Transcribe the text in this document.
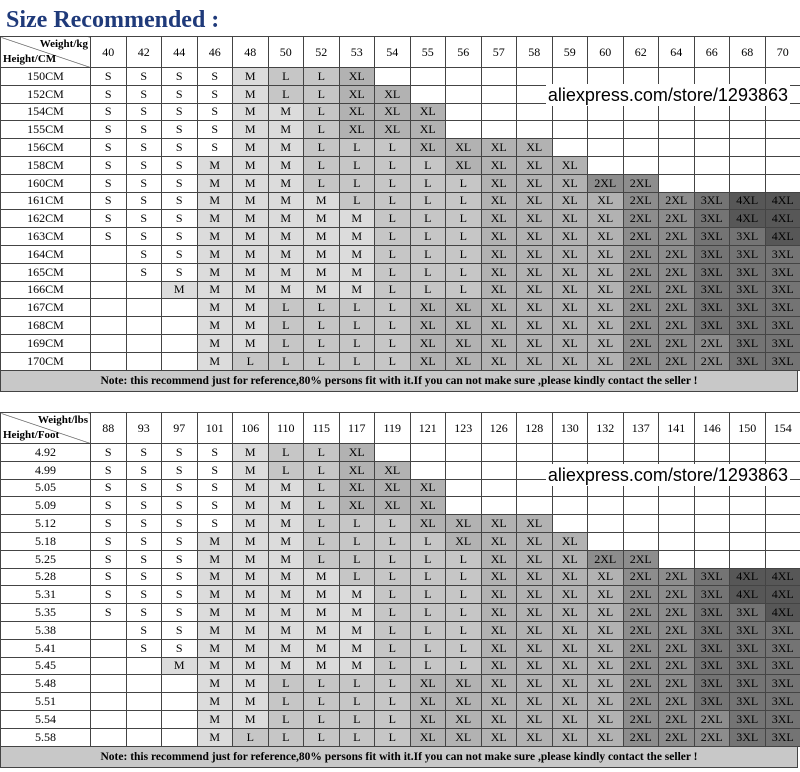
Size Recommended :
Weight/kg
Height/CM	40	42	44	46	48	50	52	53	54	55	56	57	58	59	60	62	64	66	68	70
150CM	S	S	S	S	M	L	L	XL												
152CM	S	S	S	S	M	L	L	XL	XL											
154CM	S	S	S	S	M	M	L	XL	XL	XL										
155CM	S	S	S	S	M	M	L	XL	XL	XL										
156CM	S	S	S	S	M	M	L	L	L	XL	XL	XL	XL							
158CM	S	S	S	M	M	M	L	L	L	L	XL	XL	XL	XL						
160CM	S	S	S	M	M	M	L	L	L	L	L	XL	XL	XL	2XL	2XL				
161CM	S	S	S	M	M	M	M	L	L	L	L	XL	XL	XL	XL	2XL	2XL	3XL	4XL	4XL
162CM	S	S	S	M	M	M	M	M	L	L	L	XL	XL	XL	XL	2XL	2XL	3XL	4XL	4XL
163CM	S	S	S	M	M	M	M	M	L	L	L	XL	XL	XL	XL	2XL	2XL	3XL	3XL	4XL
164CM		S	S	M	M	M	M	M	L	L	L	XL	XL	XL	XL	2XL	2XL	3XL	3XL	3XL
165CM		S	S	M	M	M	M	M	L	L	L	XL	XL	XL	XL	2XL	2XL	3XL	3XL	3XL
166CM			M	M	M	M	M	M	L	L	L	XL	XL	XL	XL	2XL	2XL	3XL	3XL	3XL
167CM				M	M	L	L	L	L	XL	XL	XL	XL	XL	XL	2XL	2XL	3XL	3XL	3XL
168CM				M	M	L	L	L	L	XL	XL	XL	XL	XL	XL	2XL	2XL	3XL	3XL	3XL
169CM				M	M	L	L	L	L	XL	XL	XL	XL	XL	XL	2XL	2XL	2XL	3XL	3XL
170CM				M	L	L	L	L	L	XL	XL	XL	XL	XL	XL	2XL	2XL	2XL	3XL	3XL
Note: this recommend just for reference,80% persons fit with it.If you can not make sure ,please kindly contact the seller !
aliexpress.com/store/1293863
Weight/lbs
Height/Foot	88	93	97	101	106	110	115	117	119	121	123	126	128	130	132	137	141	146	150	154
4.92	S	S	S	S	M	L	L	XL												
4.99	S	S	S	S	M	L	L	XL	XL											
5.05	S	S	S	S	M	M	L	XL	XL	XL										
5.09	S	S	S	S	M	M	L	XL	XL	XL										
5.12	S	S	S	S	M	M	L	L	L	XL	XL	XL	XL							
5.18	S	S	S	M	M	M	L	L	L	L	XL	XL	XL	XL						
5.25	S	S	S	M	M	M	L	L	L	L	L	XL	XL	XL	2XL	2XL				
5.28	S	S	S	M	M	M	M	L	L	L	L	XL	XL	XL	XL	2XL	2XL	3XL	4XL	4XL
5.31	S	S	S	M	M	M	M	M	L	L	L	XL	XL	XL	XL	2XL	2XL	3XL	4XL	4XL
5.35	S	S	S	M	M	M	M	M	L	L	L	XL	XL	XL	XL	2XL	2XL	3XL	3XL	4XL
5.38		S	S	M	M	M	M	M	L	L	L	XL	XL	XL	XL	2XL	2XL	3XL	3XL	3XL
5.41		S	S	M	M	M	M	M	L	L	L	XL	XL	XL	XL	2XL	2XL	3XL	3XL	3XL
5.45			M	M	M	M	M	M	L	L	L	XL	XL	XL	XL	2XL	2XL	3XL	3XL	3XL
5.48				M	M	L	L	L	L	XL	XL	XL	XL	XL	XL	2XL	2XL	3XL	3XL	3XL
5.51				M	M	L	L	L	L	XL	XL	XL	XL	XL	XL	2XL	2XL	3XL	3XL	3XL
5.54				M	M	L	L	L	L	XL	XL	XL	XL	XL	XL	2XL	2XL	2XL	3XL	3XL
5.58				M	L	L	L	L	L	XL	XL	XL	XL	XL	XL	2XL	2XL	2XL	3XL	3XL
Note: this recommend just for reference,80% persons fit with it.If you can not make sure ,please kindly contact the seller !
aliexpress.com/store/1293863
